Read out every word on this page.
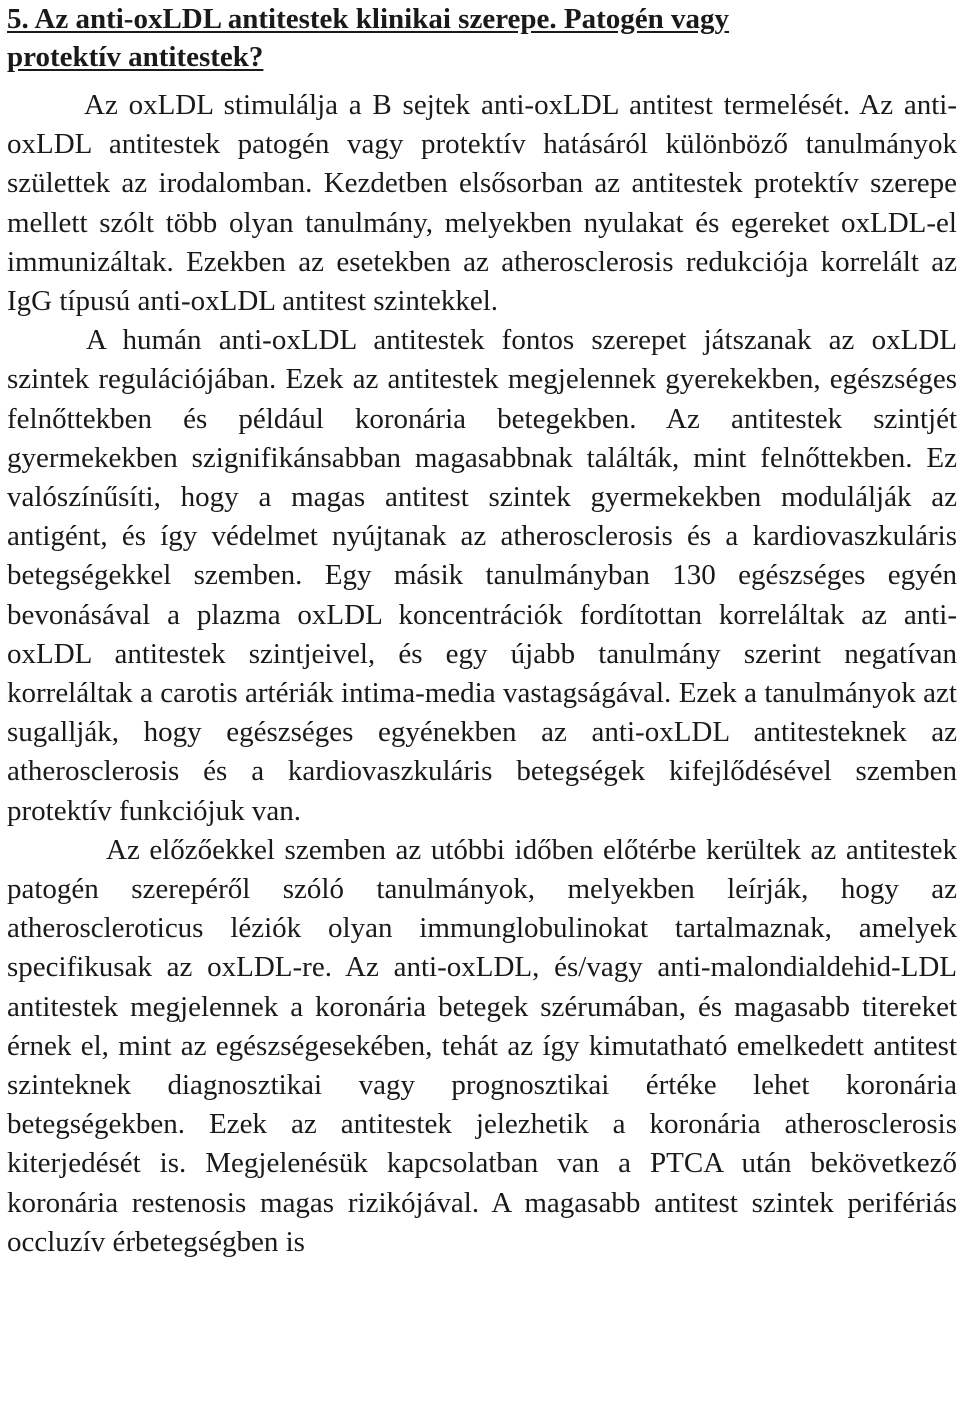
5. Az anti-oxLDL antitestek klinikai szerepe. Patogén vagy
protektív antitestek?

Az oxLDL stimulálja a B sejtek anti-oxLDL antitest termelését. Az anti-oxLDL antitestek patogén vagy protektív hatásáról különböző tanulmányok születtek az irodalomban. Kezdetben elsősorban az antitestek protektív szerepe mellett szólt több olyan tanulmány, melyekben nyulakat és egereket oxLDL-el immunizáltak. Ezekben az esetekben az atherosclerosis redukciója korrelált az IgG típusú anti-oxLDL antitest szintekkel.

A humán anti-oxLDL antitestek fontos szerepet játszanak az oxLDL szintek regulációjában. Ezek az antitestek megjelennek gyerekekben, egészséges felnőttekben és például koronária betegekben. Az antitestek szintjét gyermekekben szignifikánsabban magasabbnak találták, mint felnőttekben. Ez valószínűsíti, hogy a magas antitest szintek gyermekekben modulálják az antigént, és így védelmet nyújtanak az atherosclerosis és a kardiovaszkuláris betegségekkel szemben. Egy másik tanulmányban 130 egészséges egyén bevonásával a plazma oxLDL koncentrációk fordítottan korreláltak az anti-oxLDL antitestek szintjeivel, és egy újabb tanulmány szerint negatívan korreláltak a carotis artériák intima-media vastagságával. Ezek a tanulmányok azt sugallják, hogy egészséges egyénekben az anti-oxLDL antitesteknek az atherosclerosis és a kardiovaszkuláris betegségek kifejlődésével szemben protektív funkciójuk van.

Az előzőekkel szemben az utóbbi időben előtérbe kerültek az antitestek patogén szerepéről szóló tanulmányok, melyekben leírják, hogy az atheroscleroticus léziók olyan immunglobulinokat tartalmaznak, amelyek specifikusak az oxLDL-re. Az anti-oxLDL, és/vagy anti-malondialdehid-LDL antitestek megjelennek a koronária betegek szérumában, és magasabb titereket érnek el, mint az egészségesekében, tehát az így kimutatható emelkedett antitest szinteknek diagnosztikai vagy prognosztikai értéke lehet koronária betegségekben. Ezek az antitestek jelezhetik a koronária atherosclerosis kiterjedését is. Megjelenésük kapcsolatban van a PTCA után bekövetkező koronária restenosis magas rizikójával. A magasabb antitest szintek perifériás occluzív érbetegségben is
